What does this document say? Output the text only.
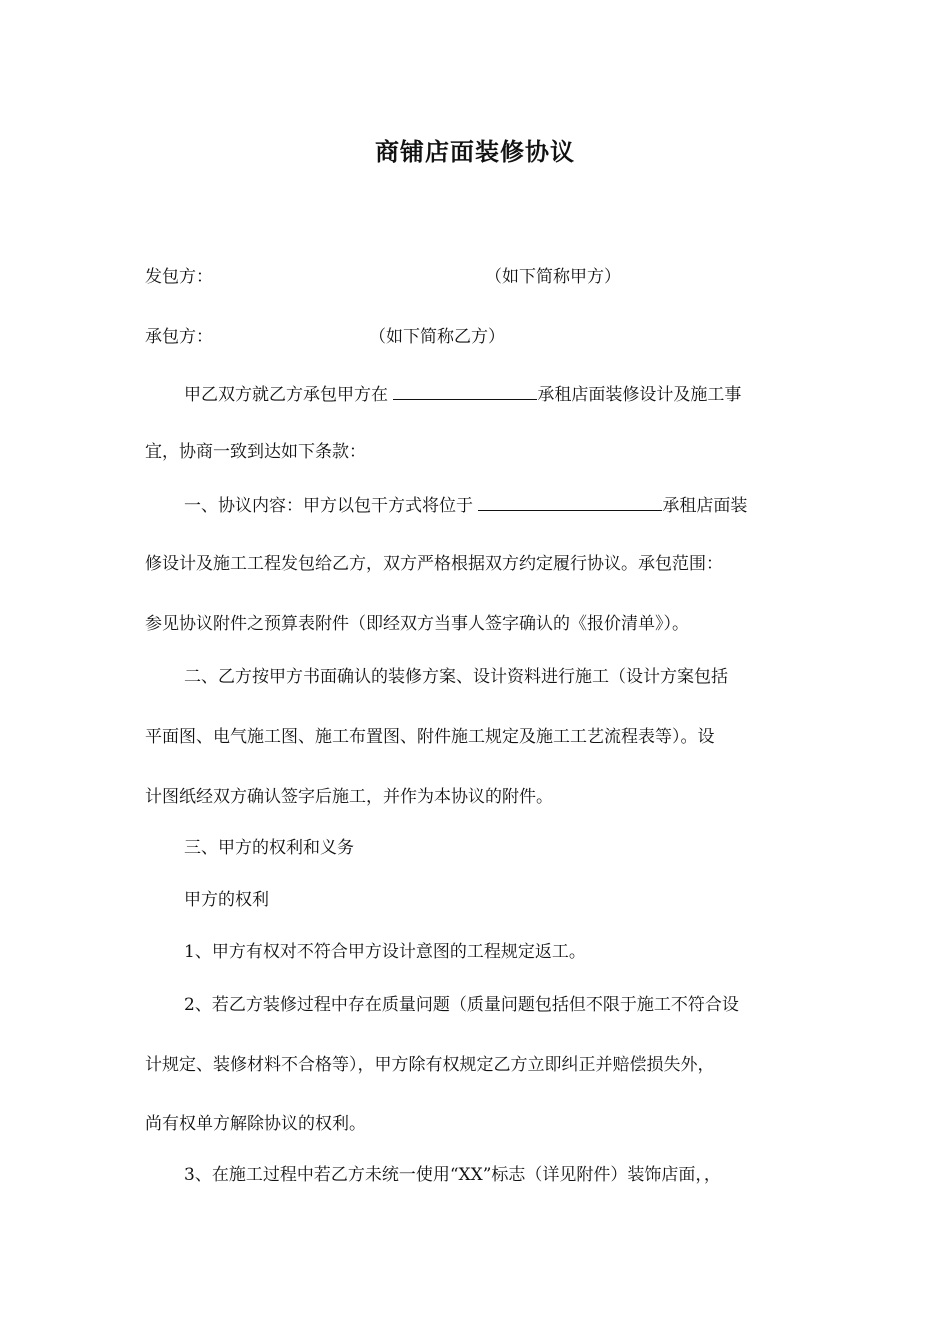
商铺店面装修协议
发包方：	（如下简称甲方）
承包方：	（如下简称乙方）
甲乙双方就乙方承包甲方在	承租店面装修设计及施工事
宜，协商一致到达如下条款：
一、协议内容：甲方以包干方式将位于	承租店面装
修设计及施工工程发包给乙方，双方严格根据双方约定履行协议。承包范围：
参见协议附件之预算表附件（即经双方当事人签字确认的《报价清单》）。
二、乙方按甲方书面确认的装修方案、设计资料进行施工（设计方案包括
平面图、电气施工图、施工布置图、附件施工规定及施工工艺流程表等）。设
计图纸经双方确认签字后施工，并作为本协议的附件。
三、甲方的权利和义务
甲方的权利
1、甲方有权对不符合甲方设计意图的工程规定返工。
2、若乙方装修过程中存在质量问题（质量问题包括但不限于施工不符合设
计规定、装修材料不合格等），甲方除有权规定乙方立即纠正并赔偿损失外，
尚有权单方解除协议的权利。
3、在施工过程中若乙方未统一使用“XX”标志（详见附件）装饰店面，，
